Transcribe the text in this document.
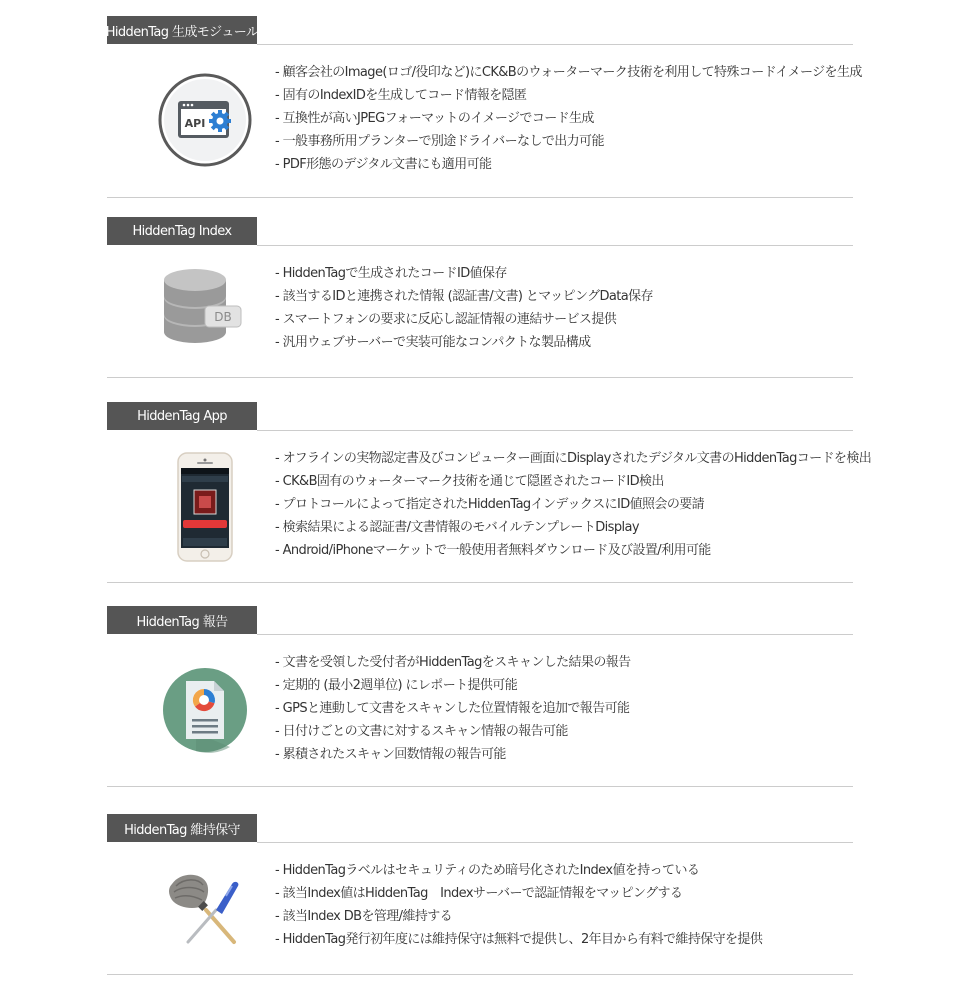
HiddenTag 生成モジュール
API
- 顧客会社のImage(ロゴ/役印など)にCK&Bのウォーターマーク技術を利用して特殊コードイメージを生成
- 固有のIndexIDを生成してコード情報を隠匿
- 互換性が高いJPEGフォーマットのイメージでコード生成
- 一般事務所用プランターで別途ドライバーなしで出力可能
- PDF形態のデジタル文書にも適用可能
HiddenTag Index
DB
- HiddenTagで生成されたコードID値保存
- 該当するIDと連携された情報 (認証書/文書) とマッピングData保存
- スマートフォンの要求に反応し認証情報の連結サービス提供
- 汎用ウェブサーバーで実装可能なコンパクトな製品構成
HiddenTag App
- オフラインの実物認定書及びコンピューター画面にDisplayされたデジタル文書のHiddenTagコードを検出
- CK&B固有のウォーターマーク技術を通じて隠匿されたコードID検出
- プロトコールによって指定されたHiddenTagインデックスにID値照会の要請
- 検索結果による認証書/文書情報のモバイルテンプレートDisplay
- Android/iPhoneマーケットで一般使用者無料ダウンロード及び設置/利用可能
HiddenTag 報告
- 文書を受領した受付者がHiddenTagをスキャンした結果の報告
- 定期的 (最小2週単位) にレポート提供可能
- GPSと連動して文書をスキャンした位置情報を追加で報告可能
- 日付けごとの文書に対するスキャン情報の報告可能
- 累積されたスキャン回数情報の報告可能
HiddenTag 維持保守
- HiddenTagラベルはセキュリティのため暗号化されたIndex値を持っている
- 該当Index値はHiddenTag　Indexサーバーで認証情報をマッピングする
- 該当Index DBを管理/維持する
- HiddenTag発行初年度には維持保守は無料で提供し、2年目から有料で維持保守を提供
